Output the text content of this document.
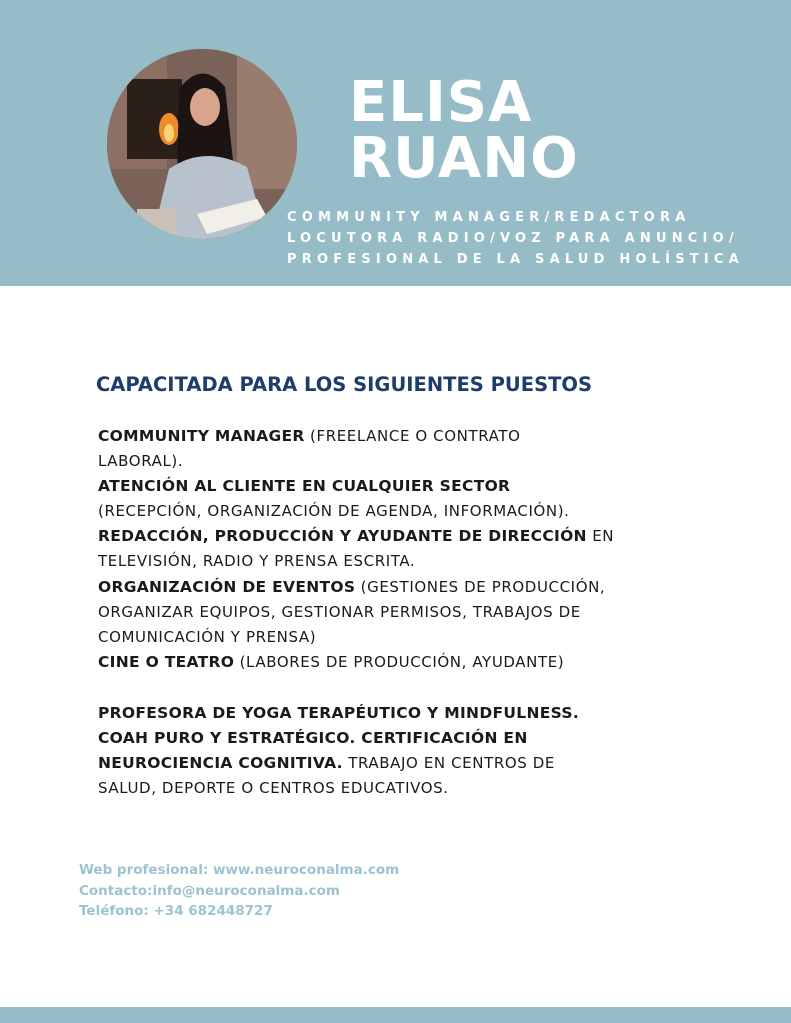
ELISA
RUANO
COMMUNITY MANAGER/REDACTORA
LOCUTORA RADIO/VOZ PARA ANUNCIO/
PROFESIONAL DE LA SALUD HOLÍSTICA
CAPACITADA PARA LOS SIGUIENTES PUESTOS
COMMUNITY MANAGER (FREELANCE O CONTRATO
LABORAL).
ATENCIÓN AL CLIENTE EN CUALQUIER SECTOR
(RECEPCIÓN, ORGANIZACIÓN DE AGENDA, INFORMACIÓN).
REDACCIÓN, PRODUCCIÓN Y AYUDANTE DE DIRECCIÓN EN
TELEVISIÓN, RADIO Y PRENSA ESCRITA.
ORGANIZACIÓN DE EVENTOS (GESTIONES DE PRODUCCIÓN,
ORGANIZAR EQUIPOS, GESTIONAR PERMISOS, TRABAJOS DE
COMUNICACIÓN Y PRENSA)
CINE O TEATRO (LABORES DE PRODUCCIÓN, AYUDANTE)
PROFESORA DE YOGA TERAPÉUTICO Y MINDFULNESS.
COAH PURO Y ESTRATÉGICO. CERTIFICACIÓN EN
NEUROCIENCIA COGNITIVA. TRABAJO EN CENTROS DE
SALUD, DEPORTE O CENTROS EDUCATIVOS.
Web profesional: www.neuroconalma.com
Contacto:info@neuroconalma.com
Teléfono: +34 682448727
